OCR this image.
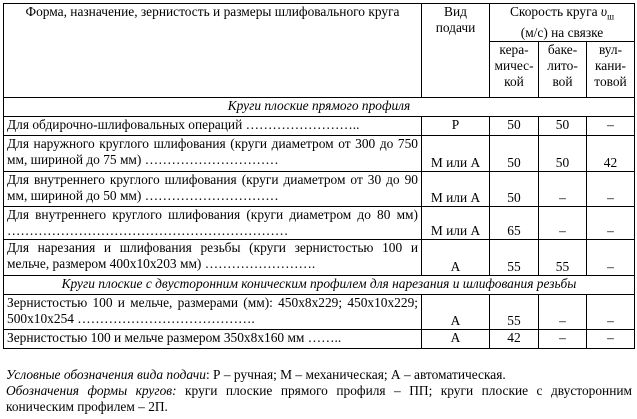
Форма, назначение, зернистость и размеры шлифовального круга	Вид подачи	Скорость круга $\upsilon_ш$
(м/с) на связке		
		кера-мичес-кой	баке-лито-вой	вул-кани-товой
Круги плоские прямого профиля				
Для обдирочно-шлифовальных операций ……………………..	Р	50	50	–
Для наружного круглого шлифования (круги диаметром от 300 до 750 мм, шириной до 75 мм) …………………………	М или А	50	50	42
Для внутреннего круглого шлифования (круги диаметром от 30 до 90 мм, шириной до 50 мм) …………………………	М или А	50	–	–
Для внутреннего круглого шлифования (круги диаметром до 80 мм) ………………………………………………………	М или А	65	–	–
Для нарезания и шлифования резьбы (круги зернистостью 100 и мельче, размером 400х10х203 мм) …………………….	А	55	55	–
Круги плоские с двусторонним коническим профилем для нарезания и шлифования резьбы				
Зернистостью 100 и мельче, размерами (мм): 450х8х229; 450х10х229; 500х10х254 ………………………………….	А	55	–	–
Зернистостью 100 и мельче размером 350х8х160 мм ……..	А	42	–	–

Условные обозначения вида подачи: Р – ручная; М – механическая; А – автоматическая.

Обозначения формы кругов: круги плоские прямого профиля – ПП; круги плоские с двусторонним коническим профилем – 2П.
